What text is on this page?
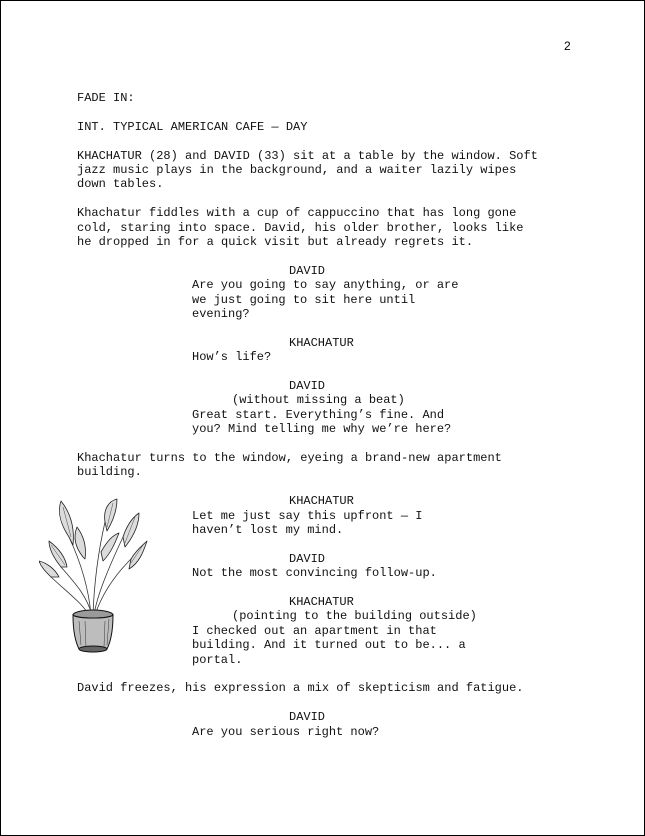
2
FADE IN:
INT. TYPICAL AMERICAN CAFE — DAY
KHACHATUR (28) and DAVID (33) sit at a table by the window. Soft
jazz music plays in the background, and a waiter lazily wipes
down tables.
Khachatur fiddles with a cup of cappuccino that has long gone
cold, staring into space. David, his older brother, looks like
he dropped in for a quick visit but already regrets it.
DAVID
Are you going to say anything, or are
we just going to sit here until
evening?
KHACHATUR
How’s life?
DAVID
(without missing a beat)
Great start. Everything’s fine. And
you? Mind telling me why we’re here?
Khachatur turns to the window, eyeing a brand-new apartment
building.
KHACHATUR
Let me just say this upfront — I
haven’t lost my mind.
DAVID
Not the most convincing follow-up.
KHACHATUR
(pointing to the building outside)
I checked out an apartment in that
building. And it turned out to be... a
portal.
David freezes, his expression a mix of skepticism and fatigue.
DAVID
Are you serious right now?
